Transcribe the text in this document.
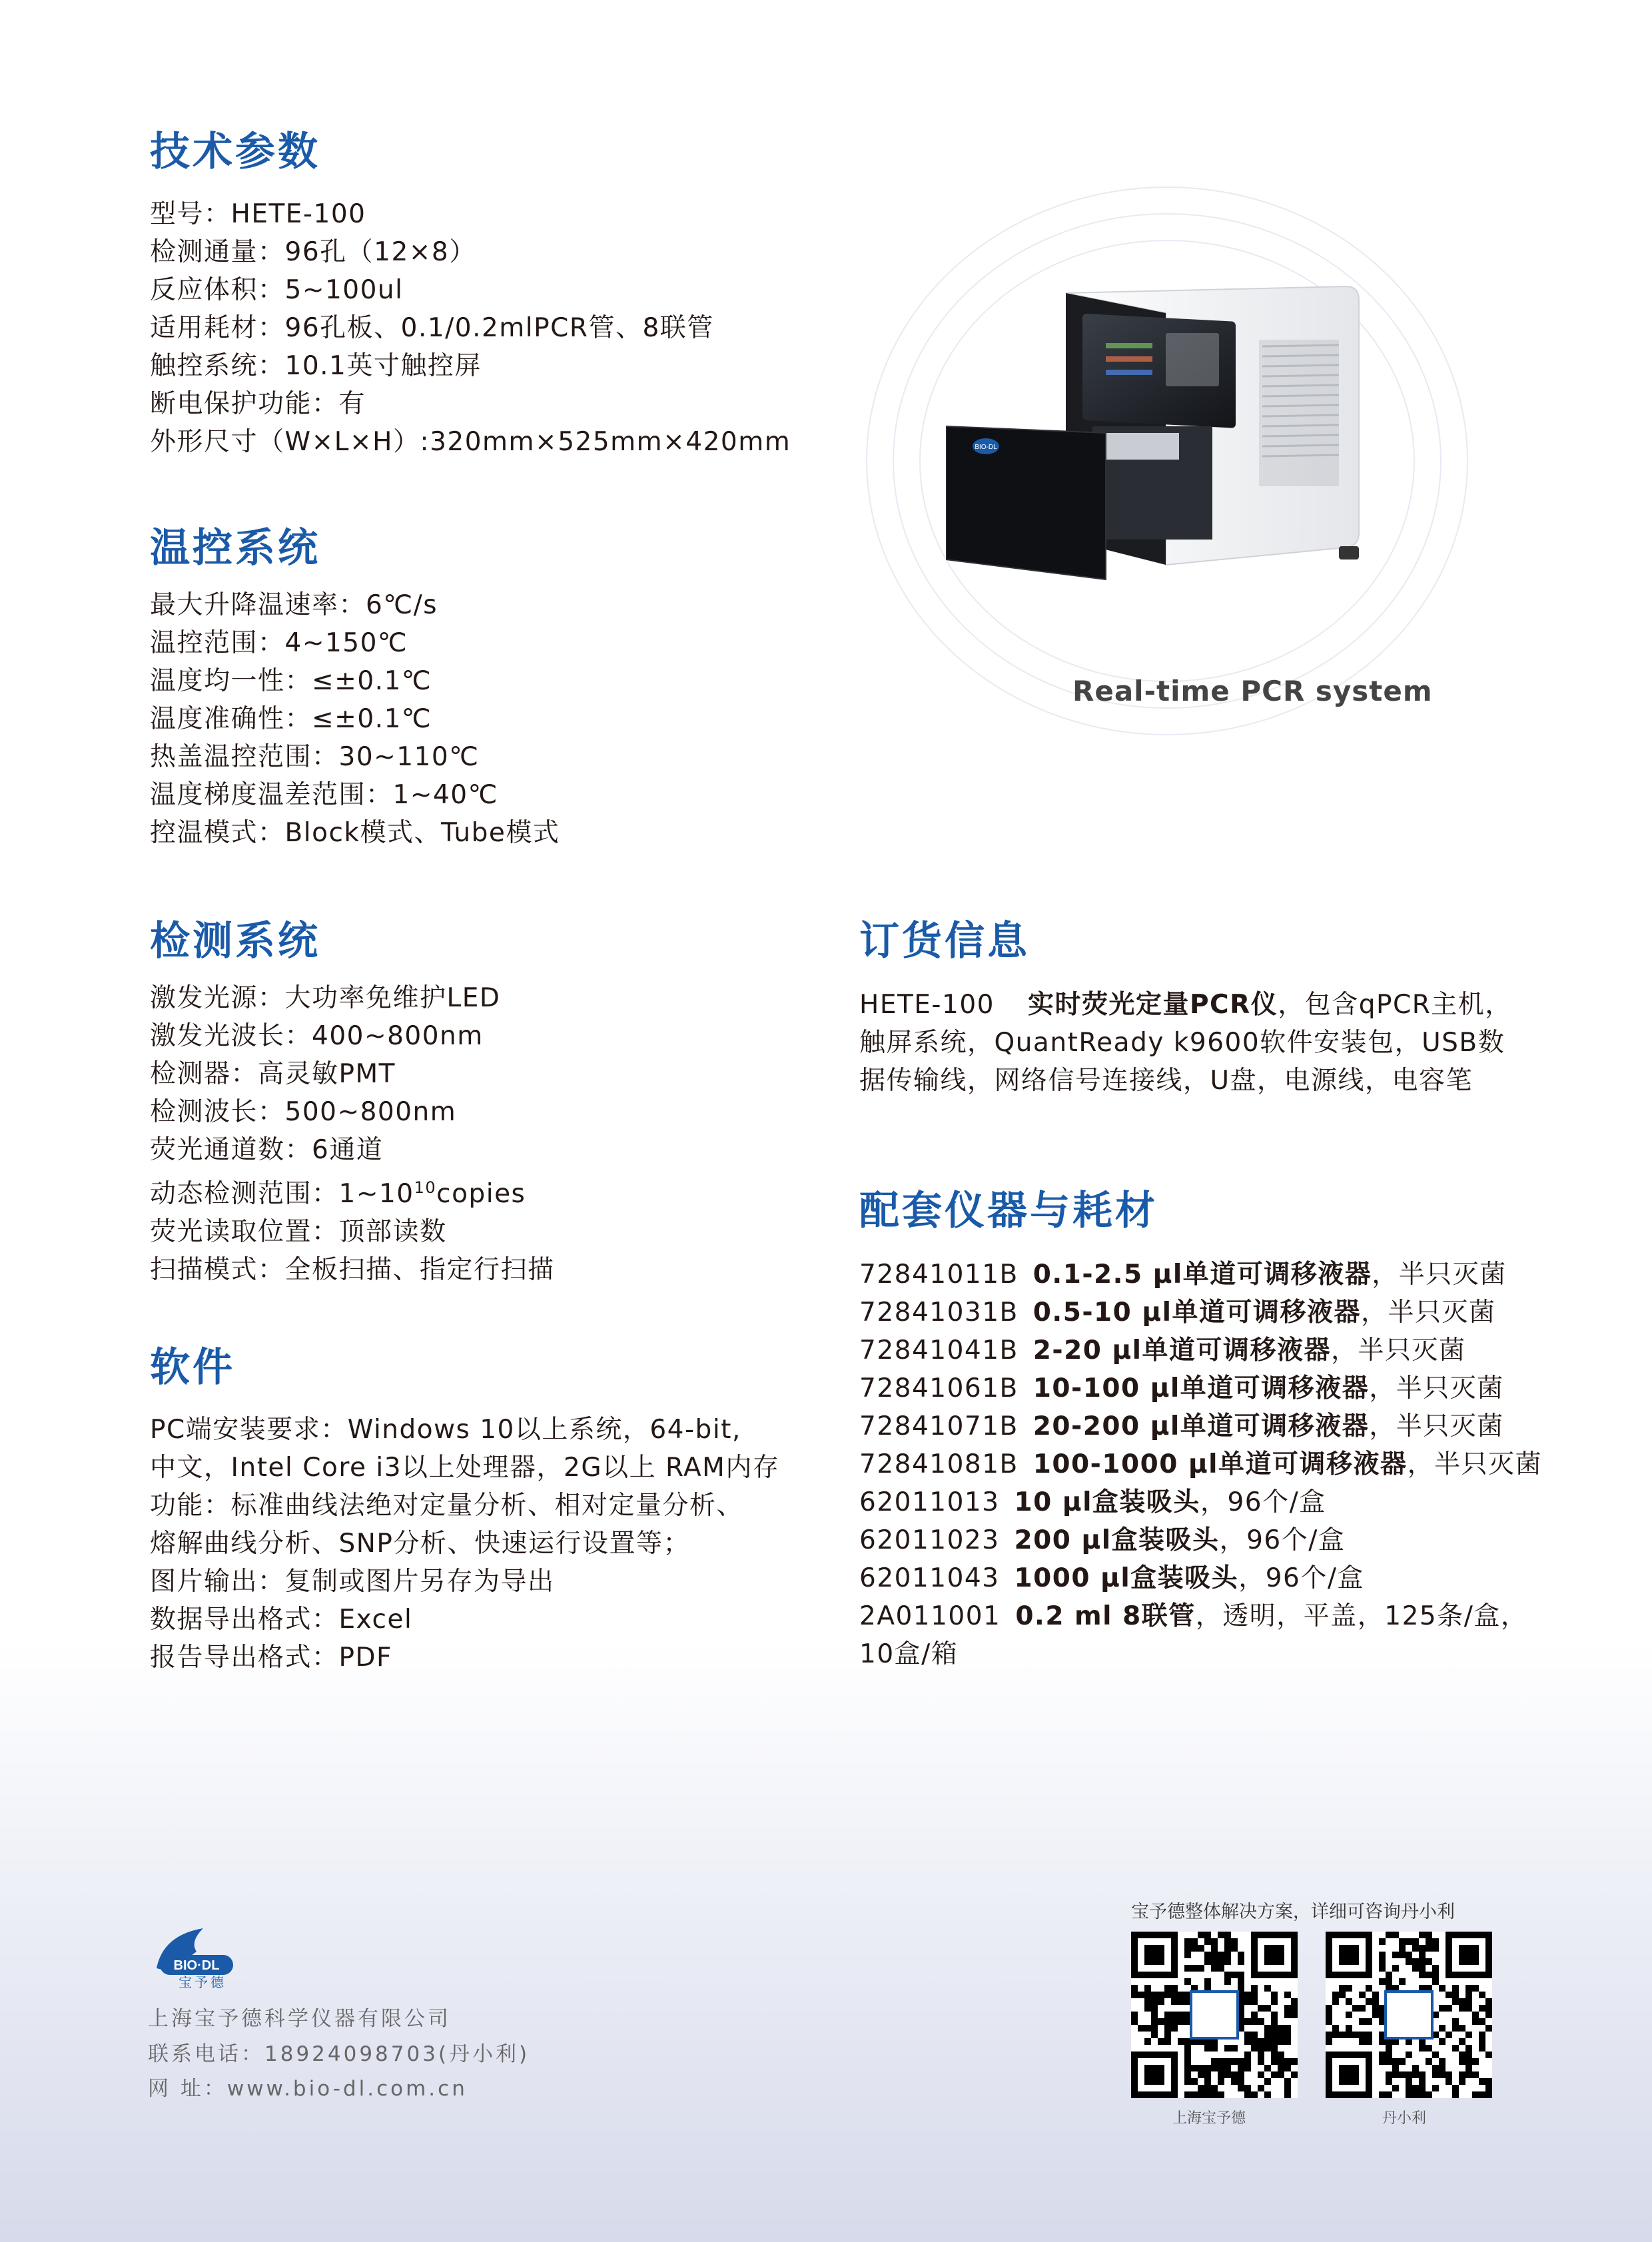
技术参数
型号：HETE-100
检测通量：96孔（12×8）
反应体积：5~100ul
适用耗材：96孔板、0.1/0.2mlPCR管、8联管
触控系统：10.1英寸触控屏
断电保护功能：有
外形尺寸（W×L×H）:320mm×525mm×420mm
温控系统
最大升降温速率：6℃/s
温控范围：4~150℃
温度均一性：≤±0.1℃
温度准确性：≤±0.1℃
热盖温控范围：30~110℃
温度梯度温差范围：1~40℃
控温模式：Block模式、Tube模式
检测系统
激发光源：大功率免维护LED
激发光波长：400~800nm
检测器：高灵敏PMT
检测波长：500~800nm
荧光通道数：6通道
动态检测范围：$1\sim 10^{10}copies$
荧光读取位置：顶部读数
扫描模式：全板扫描、指定行扫描
软件
PC端安装要求：Windows 10以上系统，64-bit,
中文，Intel Core i3以上处理器，2G以上 RAM内存
功能：标准曲线法绝对定量分析、相对定量分析、
熔解曲线分析、SNP分析、快速运行设置等；
图片输出：复制或图片另存为导出
数据导出格式：Excel
报告导出格式：PDF
订货信息
HETE-100 实时荧光定量PCR仪，包含qPCR主机，
触屏系统，QuantReady k9600软件安装包，USB数
据传输线，网络信号连接线，U盘，电源线，电容笔
配套仪器与耗材
72841011B 0.1-2.5 μl单道可调移液器，半只灭菌
72841031B 0.5-10 μl单道可调移液器，半只灭菌
72841041B 2-20 μl单道可调移液器，半只灭菌
72841061B 10-100 μl单道可调移液器，半只灭菌
72841071B 20-200 μl单道可调移液器，半只灭菌
72841081B 100-1000 μl单道可调移液器，半只灭菌
62011013 10 μl盒装吸头，96个/盒
62011023 200 μl盒装吸头，96个/盒
62011043 1000 μl盒装吸头，96个/盒
2A011001 0.2 ml 8联管，透明，平盖，125条/盒，
10盒/箱
BIO-DL
Real-time PCR system
BIO·DL
宝予德
上海宝予德科学仪器有限公司
联系电话：18924098703(丹小利)
网 址：www.bio-dl.com.cn
宝予德整体解决方案，详细可咨询丹小利
上海宝予德	丹小利
